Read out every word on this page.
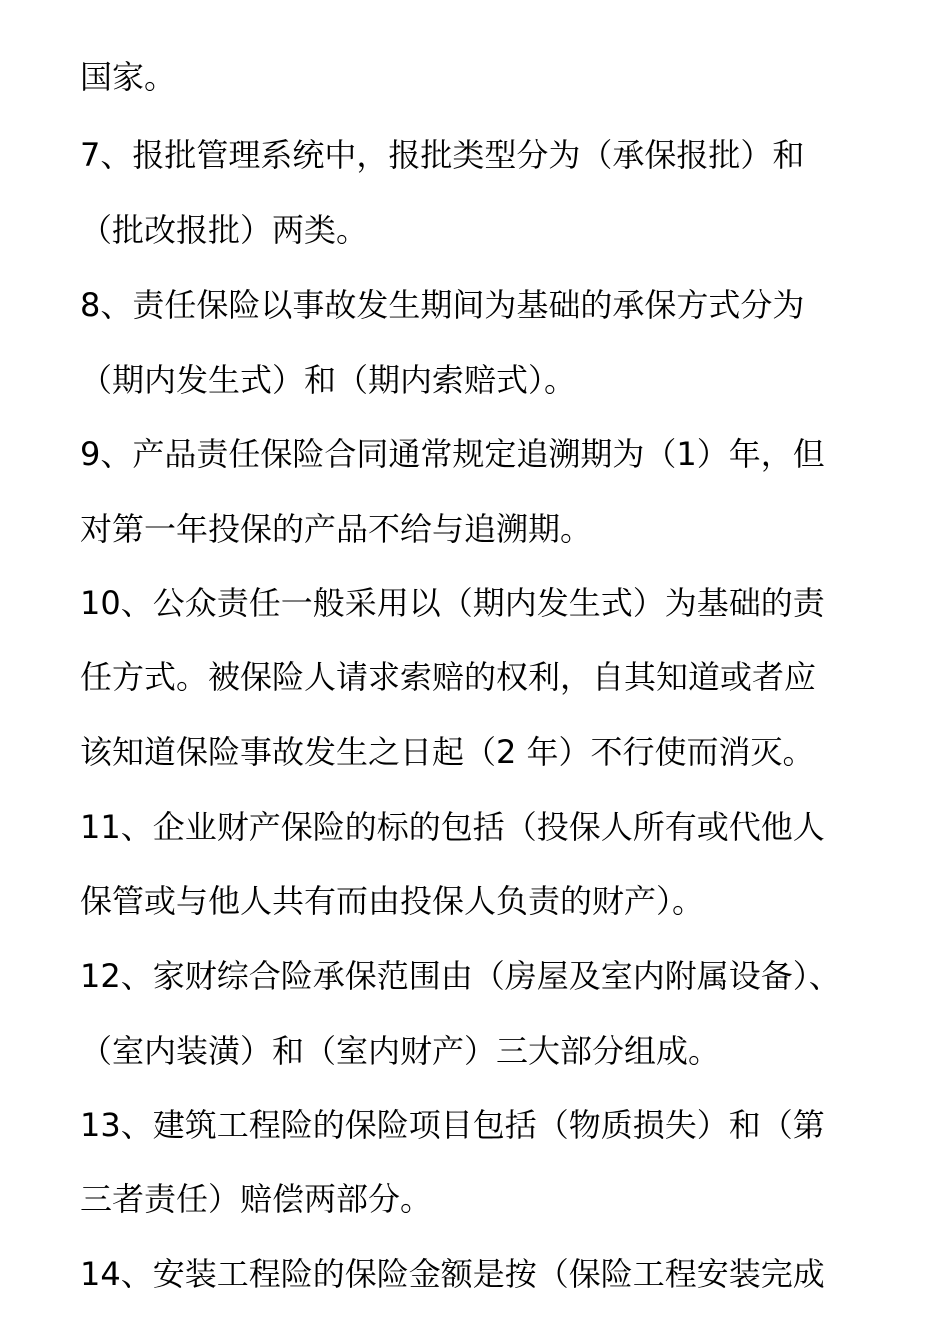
国家。
7、报批管理系统中，报批类型分为（承保报批）和
（批改报批）两类。
8、责任保险以事故发生期间为基础的承保方式分为
（期内发生式）和（期内索赔式）。
9、产品责任保险合同通常规定追溯期为（1）年，但
对第一年投保的产品不给与追溯期。
10、公众责任一般采用以（期内发生式）为基础的责
任方式。被保险人请求索赔的权利，自其知道或者应
该知道保险事故发生之日起（2 年）不行使而消灭。
11、企业财产保险的标的包括（投保人所有或代他人
保管或与他人共有而由投保人负责的财产）。
12、家财综合险承保范围由（房屋及室内附属设备）、
（室内装潢）和（室内财产）三大部分组成。
13、建筑工程险的保险项目包括（物质损失）和（第
三者责任）赔偿两部分。
14、安装工程险的保险金额是按（保险工程安装完成
